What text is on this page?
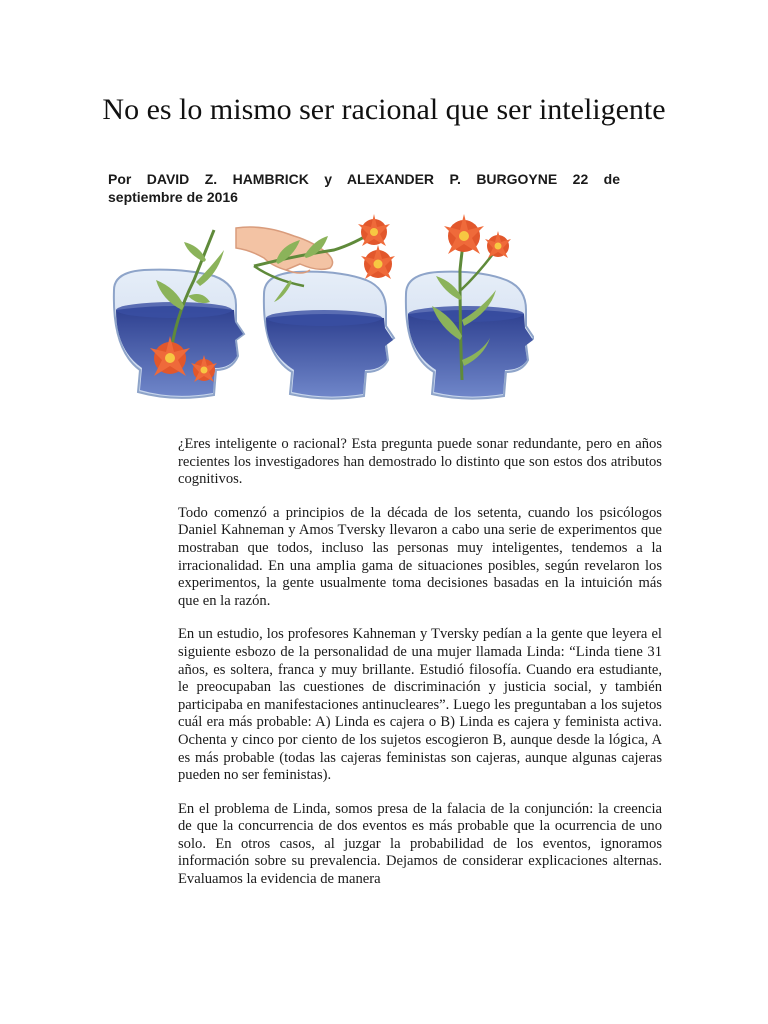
No es lo mismo ser racional que ser inteligente
Por DAVID Z. HAMBRICK y ALEXANDER P. BURGOYNE 22 de
septiembre de 2016

¿Eres inteligente o racional? Esta pregunta puede sonar redundante, pero en años recientes los investigadores han demostrado lo distinto que son estos dos atributos cognitivos.

Todo comenzó a principios de la década de los setenta, cuando los psicólogos Daniel Kahneman y Amos Tversky llevaron a cabo una serie de experimentos que mostraban que todos, incluso las personas muy inteligentes, tendemos a la irracionalidad. En una amplia gama de situaciones posibles, según revelaron los experimentos, la gente usualmente toma decisiones basadas en la intuición más que en la razón.

En un estudio, los profesores Kahneman y Tversky pedían a la gente que leyera el siguiente esbozo de la personalidad de una mujer llamada Linda: “Linda tiene 31 años, es soltera, franca y muy brillante. Estudió filosofía. Cuando era estudiante, le preocupaban las cuestiones de discriminación y justicia social, y también participaba en manifestaciones antinucleares”. Luego les preguntaban a los sujetos cuál era más probable: A) Linda es cajera o B) Linda es cajera y feminista activa. Ochenta y cinco por ciento de los sujetos escogieron B, aunque desde la lógica, A es más probable (todas las cajeras feministas son cajeras, aunque algunas cajeras pueden no ser feministas).

En el problema de Linda, somos presa de la falacia de la conjunción: la creencia de que la concurrencia de dos eventos es más probable que la ocurrencia de uno solo. En otros casos, al juzgar la probabilidad de los eventos, ignoramos información sobre su prevalencia. Dejamos de considerar explicaciones alternas. Evaluamos la evidencia de manera
